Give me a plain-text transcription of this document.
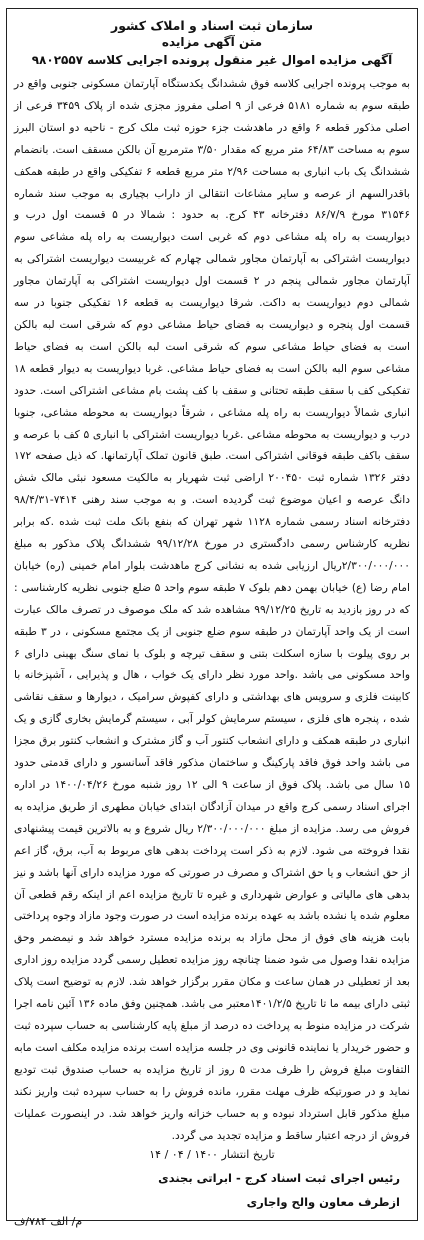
سازمان ثبت اسناد و املاک کشور
متن آگهی مزایده
آگهی مزایده اموال غیر منقول پرونده اجرایی کلاسه ۹۸۰۲۵۵۷
به موجب پرونده اجرایی کلاسه فوق ششدانگ یکدستگاه آپارتمان مسکونی جنوبی واقع در طبقه سوم به شماره ۵۱۸۱ فرعی از ۹ اصلی مفروز مجزی شده از پلاک ۳۴۵۹ فرعی از اصلی مذکور قطعه ۶ واقع در ماهدشت جزء حوزه ثبت ملک کرج - ناحیه دو استان البرز سوم به مساحت ۶۴/۸۳ متر مربع که مقدار ۳/۵۰ مترمربع آن بالکن مسقف است. بانضمام ششدانگ یک باب انباری به مساحت ۲/۹۶ متر مربع قطعه ۶ تفکیکی واقع در طبقه همکف باقدرالسهم از عرصه و سایر مشاعات انتقالی از داراب بچیاری به موجب سند شماره ۳۱۵۴۶ مورخ ۸۶/۷/۹ دفترخانه ۴۳ کرج. به حدود : شمالا در ۵ قسمت اول درب و دیواریست به راه پله مشاعی دوم که غربی است دیواریست به راه پله مشاعی سوم دیواریست اشتراکی به آپارتمان مجاور شمالی چهارم که غربیست دیواریست اشتراکی به آپارتمان مجاور شمالی پنجم در ۲ قسمت اول دیواریست اشتراکی به آپارتمان مجاور شمالی دوم دیواریست به داکت. شرقا دیواریست به قطعه ۱۶ تفکیکی جنوبا در سه قسمت اول پنجره و دیواریست به فضای حیاط مشاعی دوم که شرقی است لبه بالکن است به فضای حیاط مشاعی سوم که شرقی است لبه بالکن است به فضای حیاط مشاعی سوم البه بالکن است به فضای حیاط مشاعی. غربا دیواریست به دیوار قطعه ۱۸ تفکیکی کف با سقف طبقه تحتانی و سقف با کف پشت بام مشاعی اشتراکی است. حدود انباری شمالاً دیواریست به راه پله مشاعی ، شرقاً دیواریست به محوطه مشاعی، جنوبا درب و دیواریست به محوطه مشاعی .غربا دیواریست اشتراکی با انباری ۵ کف با عرصه و سقف باکف طبقه فوقانی اشتراکی است. طبق قانون تملک آپارتمانها. که ذیل صفحه ۱۷۲ دفتر ۱۳۲۶ شماره ثبت ۲۰۰۴۵۰ اراضی ثبت شهریار به مالکیت مسعود نبئی مالک شش دانگ عرصه و اعیان موضوع ثبت گردیده است. و به موجب سند رهنی ۷۴۱۴-۹۸/۴/۳۱ دفترخانه اسناد رسمی شماره ۱۱۲۸ شهر تهران که بنفع بانک ملت ثبت شده .که برابر نظریه کارشناس رسمی دادگستری در مورخ ۹۹/۱۲/۲۸ ششدانگ پلاک مذکور به مبلغ ۲/۳۰۰/۰۰۰/۰۰۰ریال ارزیابی شده به نشانی کرج ماهدشت بلوار امام خمینی (ره) خیابان امام رضا (ع) خیابان بهمن دهم بلوک ۷ طبقه سوم واحد ۵ ضلع جنوبی نظریه کارشناسی : که در روز بازدید به تاریخ ۹۹/۱۲/۲۵ مشاهده شد که ملک موصوف در تصرف مالک عبارت است از یک واحد آپارتمان در طبقه سوم ضلع جنوبی از یک مجتمع مسکونی ، در ۳ طبقه بر روی پیلوت با سازه اسکلت بتنی و سقف تیرچه و بلوک با نمای سنگ بهبنی دارای ۶ واحد مسکونی می باشد .واحد مورد نظر دارای یک خواب ، هال و پذیرایی ، آشپزخانه با کابینت فلزی و سرویس های بهداشتی و دارای کفپوش سرامیک ، دیوارها و سقف نقاشی شده ، پنجره های فلزی ، سیستم سرمایش کولر آبی ، سیستم گرمایش بخاری گازی و یک انباری در طبقه همکف و دارای انشعاب کنتور آب و گاز مشترک و انشعاب کنتور برق مجزا می باشد واحد فوق فاقد پارکینگ و ساختمان مذکور فاقد آسانسور و دارای قدمتی حدود ۱۵ سال می باشد. پلاک فوق از ساعت ۹ الی ۱۲ روز شنبه مورخ ۱۴۰۰/۰۴/۲۶ در اداره اجرای اسناد رسمی کرج واقع در میدان آزادگان ابتدای خیابان مطهری از طریق مزایده به فروش می رسد. مزایده از مبلغ ۲/۳۰۰/۰۰۰/۰۰۰ ریال شروع و به بالاترین قیمت پیشنهادی نقدا فروخته می شود. لازم به ذکر است پرداخت بدهی های مربوط به آب، برق، گاز اعم از حق انشعاب و یا حق اشتراک و مصرف در صورتی که مورد مزایده دارای آنها باشد و نیز بدهی های مالیاتی و عوارض شهرداری و غیره تا تاریخ مزایده اعم از اینکه رقم قطعی آن معلوم شده یا نشده باشد به عهده برنده مزایده است در صورت وجود مازاد وجوه پرداختی بابت هزینه های فوق از محل مازاد به برنده مزایده مسترد خواهد شد و نیمضمر وحق مزایده نقدا وصول می شود ضمنا چنانچه روز مزایده تعطیل رسمی گردد مزایده روز اداری بعد از تعطیلی در همان ساعت و مکان مقرر برگزار خواهد شد. لازم به توضیح است پلاک ثبتی دارای بیمه ما تا تاریخ ۱۴۰۱/۲/۵معتبر می باشد. همچنین وفق ماده ۱۳۶ آئین نامه اجرا شرکت در مزایده منوط به پرداخت ده درصد از مبلغ پایه کارشناسی به حساب سپرده ثبت و حضور خریدار یا نماینده قانونی وی در جلسه مزایده است برنده مزایده مکلف است مابه التفاوت مبلغ فروش را ظرف مدت ۵ روز از تاریخ مزایده به حساب صندوق ثبت تودیع نماید و در صورتیکه ظرف مهلت مقرر، مانده فروش را به حساب سپرده ثبت واریز نکند مبلغ مذکور قابل استرداد نبوده و به حساب خزانه واریز خواهد شد. در اینصورت عملیات فروش از درجه اعتبار ساقط و مزایده تجدید می گردد.
تاریخ انتشار ۱۴۰۰ / ۰۴ / ۱۴
رئیس اجرای ثبت اسناد کرج - ابراتی بجندی
ازطرف معاون والح واجاری
م/ الف ۷۸۴/ف
